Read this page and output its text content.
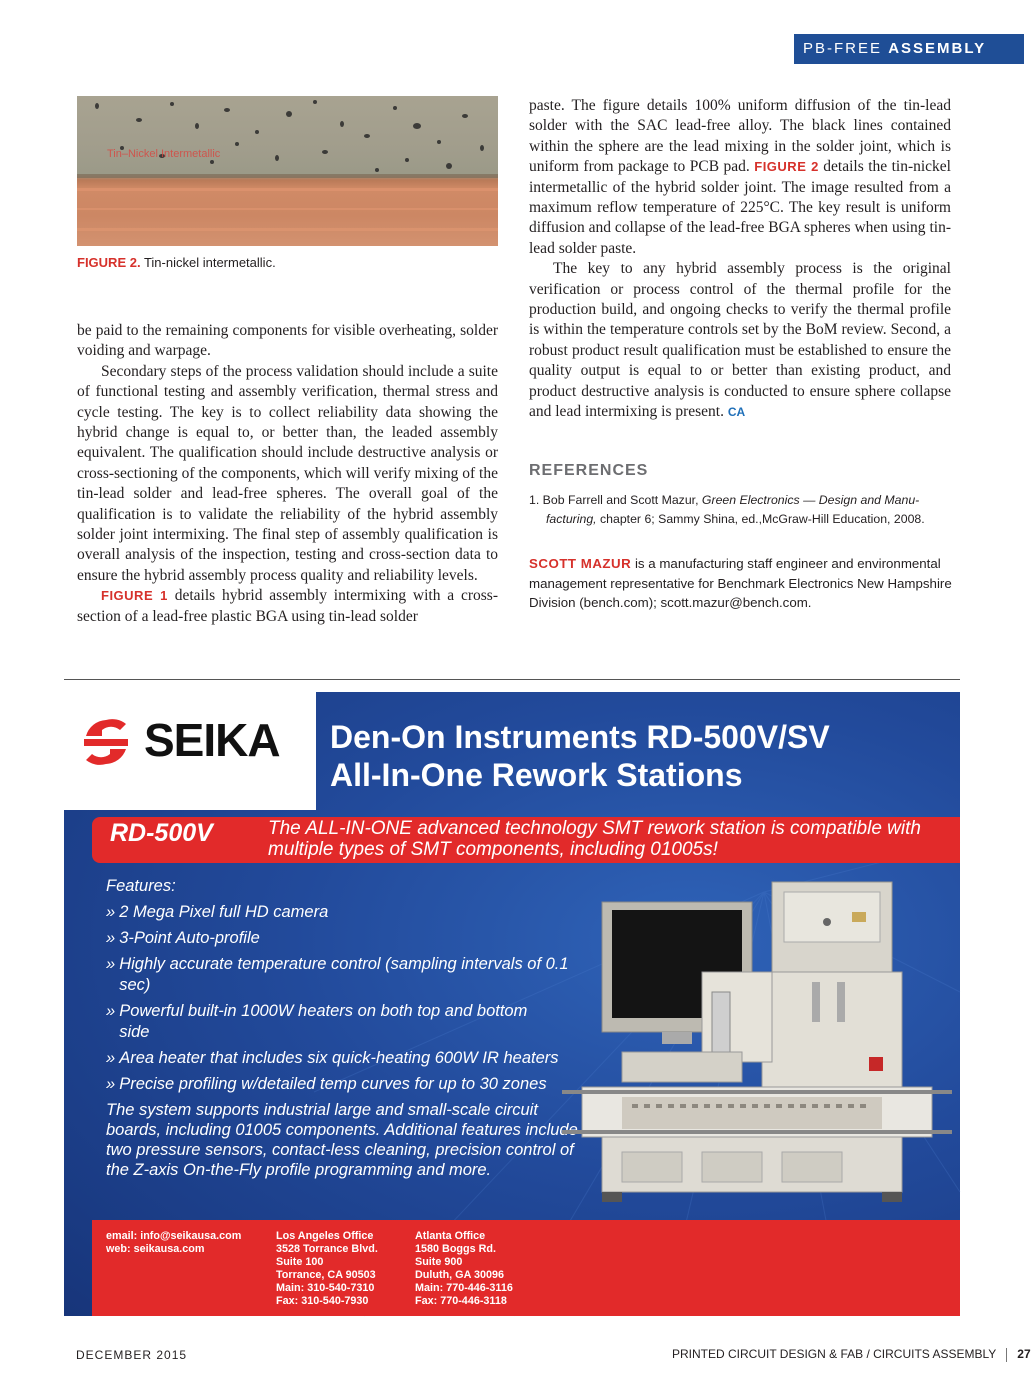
PB-FREE ASSEMBLY
Tin–Nickel Intermetallic
FIGURE 2. Tin-nickel intermetallic.

be paid to the remaining components for visible overheating, solder voiding and warpage.

Secondary steps of the process validation should include a suite of functional testing and assembly verification, thermal stress and cycle testing. The key is to collect reliability data showing the hybrid change is equal to, or better than, the leaded assembly equivalent. The qualification should include destructive analysis or cross-sectioning of the components, which will verify mixing of the tin-lead solder and lead-free spheres. The overall goal of the qualification is to validate the reliability of the hybrid assembly solder joint intermixing. The final step of assembly qualification is overall analysis of the inspection, testing and cross-section data to ensure the hybrid assembly process quality and reliability levels.

FIGURE 1 details hybrid assembly intermixing with a cross-section of a lead-free plastic BGA using tin-lead solder

paste. The figure details 100% uniform diffusion of the tin-lead solder with the SAC lead-free alloy. The black lines contained within the sphere are the lead mixing in the solder joint, which is uniform from package to PCB pad. FIGURE 2 details the tin-nickel intermetallic of the hybrid solder joint. The image resulted from a maximum reflow temperature of 225°C. The key result is uniform diffusion and collapse of the lead-free BGA spheres when using tin-lead solder paste.

The key to any hybrid assembly process is the original verification or process control of the thermal profile for the production build, and ongoing checks to verify the thermal profile is within the temperature controls set by the BoM review. Second, a robust product result qualification must be established to ensure the quality output is equal to or better than existing product, and product destructive analysis is conducted to ensure sphere collapse and lead intermixing is present. CA

REFERENCES
1. Bob Farrell and Scott Mazur, Green Electronics — Design and Manu-
facturing, chapter 6; Sammy Shina, ed.,McGraw-Hill Education, 2008.
SCOTT MAZUR is a manufacturing staff engineer and environmental management representative for Benchmark Electronics New Hampshire Division (bench.com); scott.mazur@bench.com.
SEIKA Den-On Instruments RD-500V/SV
All-In-One Rework Stations
RD-500V	The ALL-IN-ONE advanced technology SMT rework station is compatible with multiple types of SMT components, including 01005s!
Features:
» 2 Mega Pixel full HD camera
» 3-Point Auto-profile
» Highly accurate temperature control (sampling intervals of 0.1 sec)
» Powerful built-in 1000W heaters on both top and bottom side
» Area heater that includes six quick-heating 600W IR heaters
» Precise profiling w/detailed temp curves for up to 30 zones
The system supports industrial large and small-scale circuit boards, including 01005 components. Additional features include two pressure sensors, contact-less cleaning, precision control of the Z-axis On-the-Fly profile programming and more.
email: info@seikausa.com
web: seikausa.com
Los Angeles Office
3528 Torrance Blvd.
Suite 100
Torrance, CA 90503
Main: 310-540-7310
Fax: 310-540-7930
Atlanta Office
1580 Boggs Rd.
Suite 900
Duluth, GA 30096
Main: 770-446-3116
Fax: 770-446-3118
DECEMBER 2015	PRINTED CIRCUIT DESIGN & FAB / CIRCUITS ASSEMBLY 27
